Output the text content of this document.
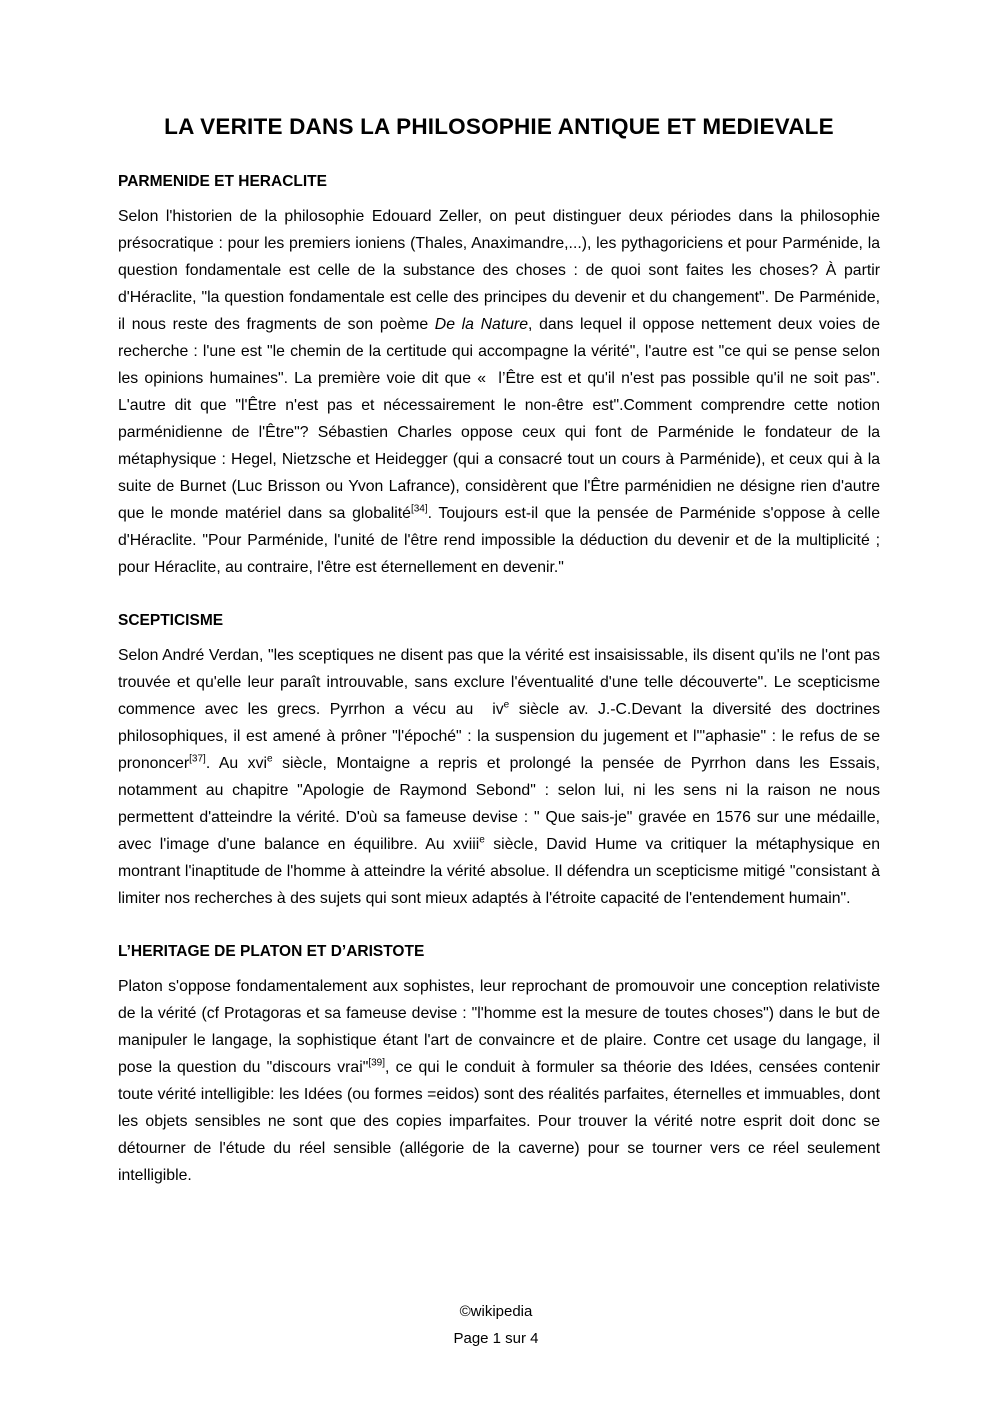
LA VERITE DANS LA PHILOSOPHIE ANTIQUE ET MEDIEVALE
PARMENIDE ET HERACLITE

Selon l'historien de la philosophie Edouard Zeller, on peut distinguer deux périodes dans la philosophie présocratique : pour les premiers ioniens (Thales, Anaximandre,...), les pythagoriciens et pour Parménide, la question fondamentale est celle de la substance des choses : de quoi sont faites les choses? À partir d'Héraclite, "la question fondamentale est celle des principes du devenir et du changement". De Parménide, il nous reste des fragments de son poème De la Nature, dans lequel il oppose nettement deux voies de recherche : l'une est "le chemin de la certitude qui accompagne la vérité", l'autre est "ce qui se pense selon les opinions humaines". La première voie dit que «  l’Être est et qu'il n'est pas possible qu'il ne soit pas". L'autre dit que "l'Être n'est pas et nécessairement le non-être est".Comment comprendre cette notion parménidienne de l'Être"? Sébastien Charles oppose ceux qui font de Parménide le fondateur de la métaphysique : Hegel, Nietzsche et Heidegger (qui a consacré tout un cours à Parménide), et ceux qui à la suite de Burnet (Luc Brisson ou Yvon Lafrance), considèrent que l'Être parménidien ne désigne rien d'autre que le monde matériel dans sa globalité[34]. Toujours est-il que la pensée de Parménide s'oppose à celle d'Héraclite. "Pour Parménide, l'unité de l'être rend impossible la déduction du devenir et de la multiplicité ; pour Héraclite, au contraire, l'être est éternellement en devenir."

SCEPTICISME

Selon André Verdan, "les sceptiques ne disent pas que la vérité est insaisissable, ils disent qu'ils ne l'ont pas trouvée et qu'elle leur paraît introuvable, sans exclure l'éventualité d'une telle découverte". Le scepticisme commence avec les grecs. Pyrrhon a vécu au  $iv^e$ siècle av. J.-C.Devant la diversité des doctrines philosophiques, il est amené à prôner "l'époché" : la suspension du jugement et l'"aphasie" : le refus de se prononcer[37]. Au xvi$^e$ siècle, Montaigne a repris et prolongé la pensée de Pyrrhon dans les Essais, notamment au chapitre "Apologie de Raymond Sebond" : selon lui, ni les sens ni la raison ne nous permettent d'atteindre la vérité. D'où sa fameuse devise : " Que sais-je" gravée en 1576 sur une médaille, avec l'image d'une balance en équilibre. Au xviii$^e$ siècle, David Hume va critiquer la métaphysique en montrant l'inaptitude de l'homme à atteindre la vérité absolue. Il défendra un scepticisme mitigé "consistant à limiter nos recherches à des sujets qui sont mieux adaptés à l'étroite capacité de l'entendement humain".

L’HERITAGE DE PLATON ET D’ARISTOTE

Platon s'oppose fondamentalement aux sophistes, leur reprochant de promouvoir une conception relativiste de la vérité (cf Protagoras et sa fameuse devise : "l'homme est la mesure de toutes choses") dans le but de manipuler le langage, la sophistique étant l'art de convaincre et de plaire. Contre cet usage du langage, il pose la question du "discours vrai"[39], ce qui le conduit à formuler sa théorie des Idées, censées contenir toute vérité intelligible: les Idées (ou formes =eidos) sont des réalités parfaites, éternelles et immuables, dont les objets sensibles ne sont que des copies imparfaites. Pour trouver la vérité notre esprit doit donc se détourner de l'étude du réel sensible (allégorie de la caverne) pour se tourner vers ce réel seulement intelligible.

©wikipedia
Page 1 sur 4
